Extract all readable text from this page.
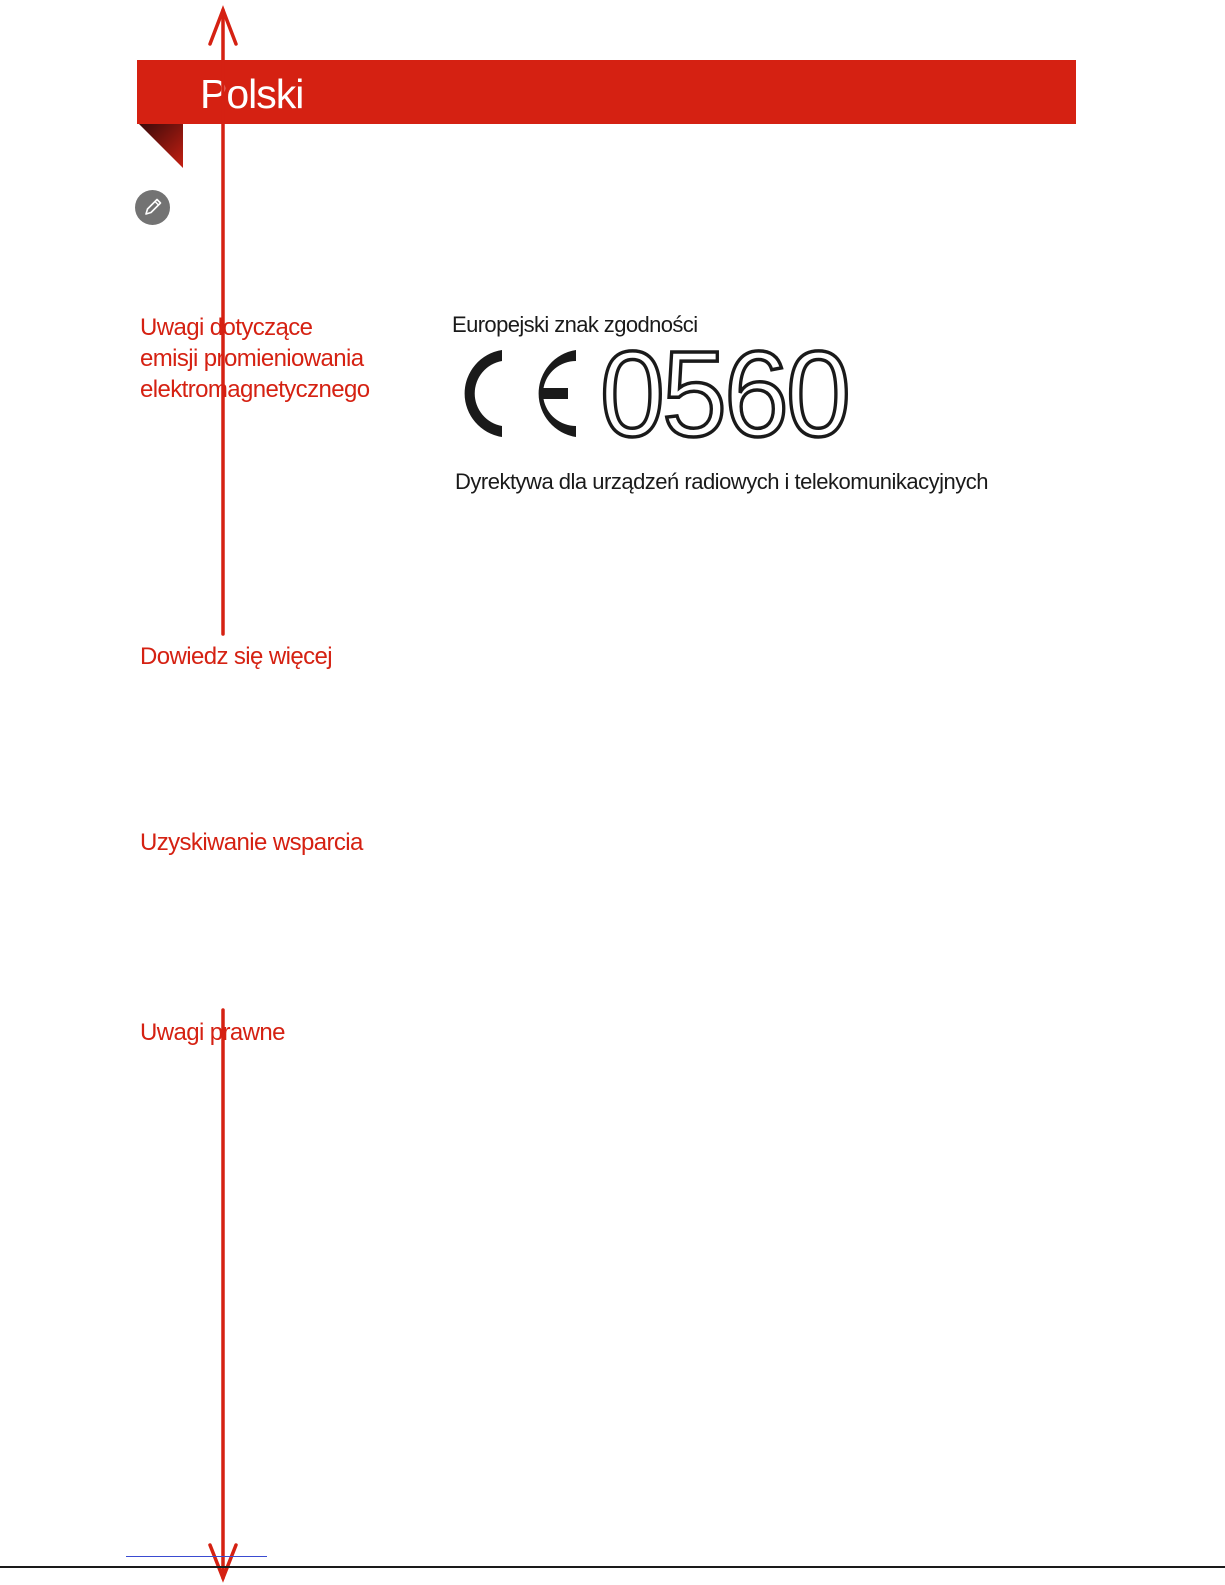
Polski
Uwagi dotyczące
emisji promieniowania
elektromagnetycznego
Dowiedz się więcej
Uzyskiwanie wsparcia
Uwagi prawne
Europejski znak zgodności
0560
Dyrektywa dla urządzeń radiowych i telekomunikacyjnych
